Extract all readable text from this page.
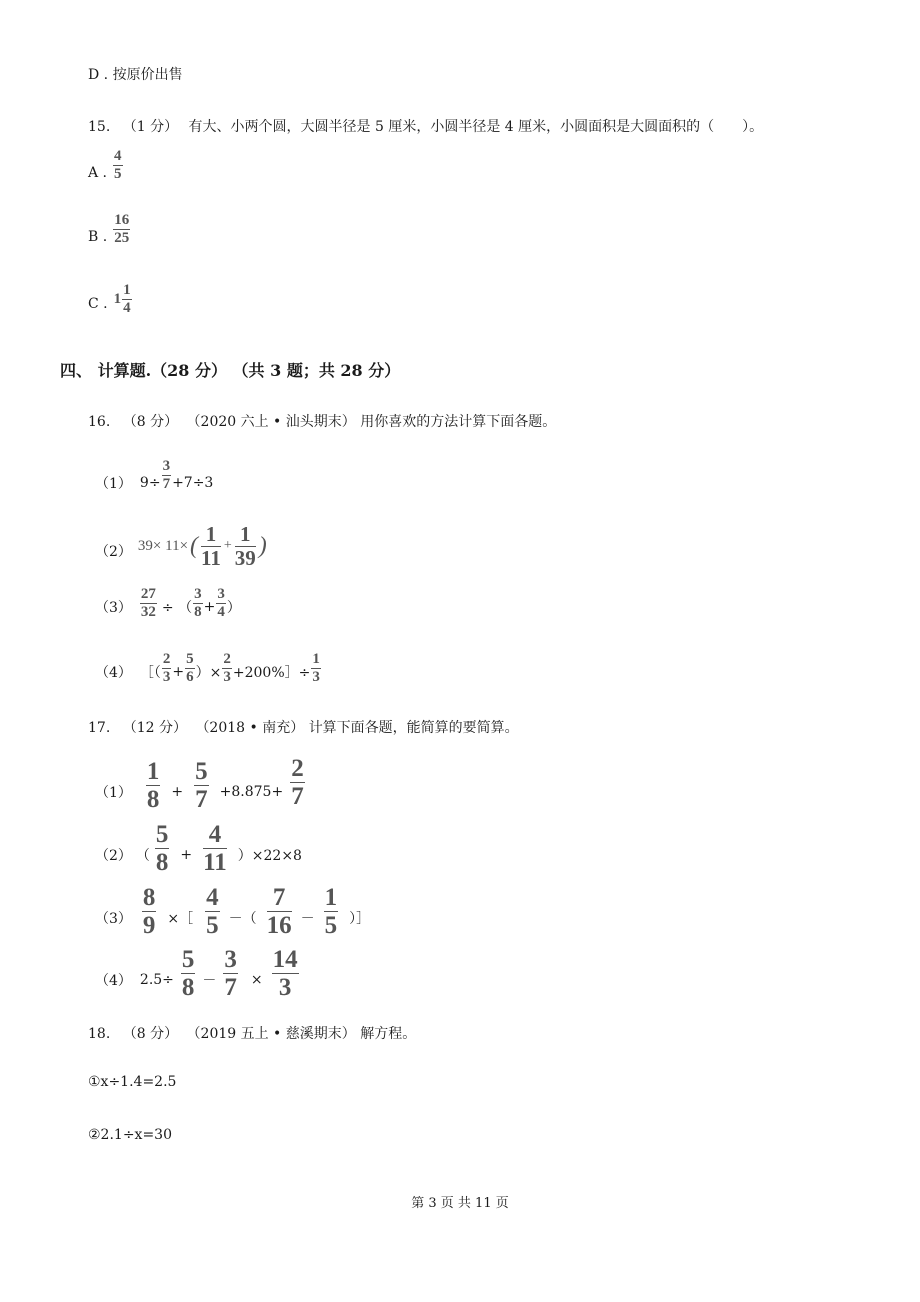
D . 按原价出售
15. （1 分） 有大、小两个圆，大圆半径是 5 厘米，小圆半径是 4 厘米，小圆面积是大圆面积的（　　）。
A . $\frac{4}{5}$
B . $\frac{16}{25}$
C . $1 \frac{1}{4}$
四、 计算题.（28 分） （共 3 题；共 28 分）
16. （8 分） （2020 六上 • 汕头期末） 用你喜欢的方法计算下面各题。
（1） $9\div \frac{3}{7} +7\div 3$
（2） 39× 11× ( $\frac{1}{11} + \frac{1}{39}$ )
$(3) \frac{27}{32}$ ÷ （ $\frac{3}{8} + \frac{3}{4}$ ）
（4） ［（ $\frac{2}{3} + \frac{5}{6}$ ）× $\frac{2}{3}$ +200%］÷ $\frac{1}{3}$
17. （12 分） （2018 • 南充） 计算下面各题，能简算的要简算。
$(1) \frac{1}{8} + \frac{5}{7} +8.875+ \frac{2}{7}$
（2） （ $\frac{5}{8} + \frac{4}{11} )\times 22\times 8$
$(3) \frac{8}{9}$ ×［ $\frac{4}{5}$ －（ $\frac{7}{16} - \frac{1}{5}$ ）］
（4） $2.5\div \frac{5}{8} - \frac{3}{7} \times \frac{14}{3}$
18. （8 分） （2019 五上 • 慈溪期末） 解方程。
①x÷1.4=2.5
②2.1÷x=30
第 3 页 共 11 页
